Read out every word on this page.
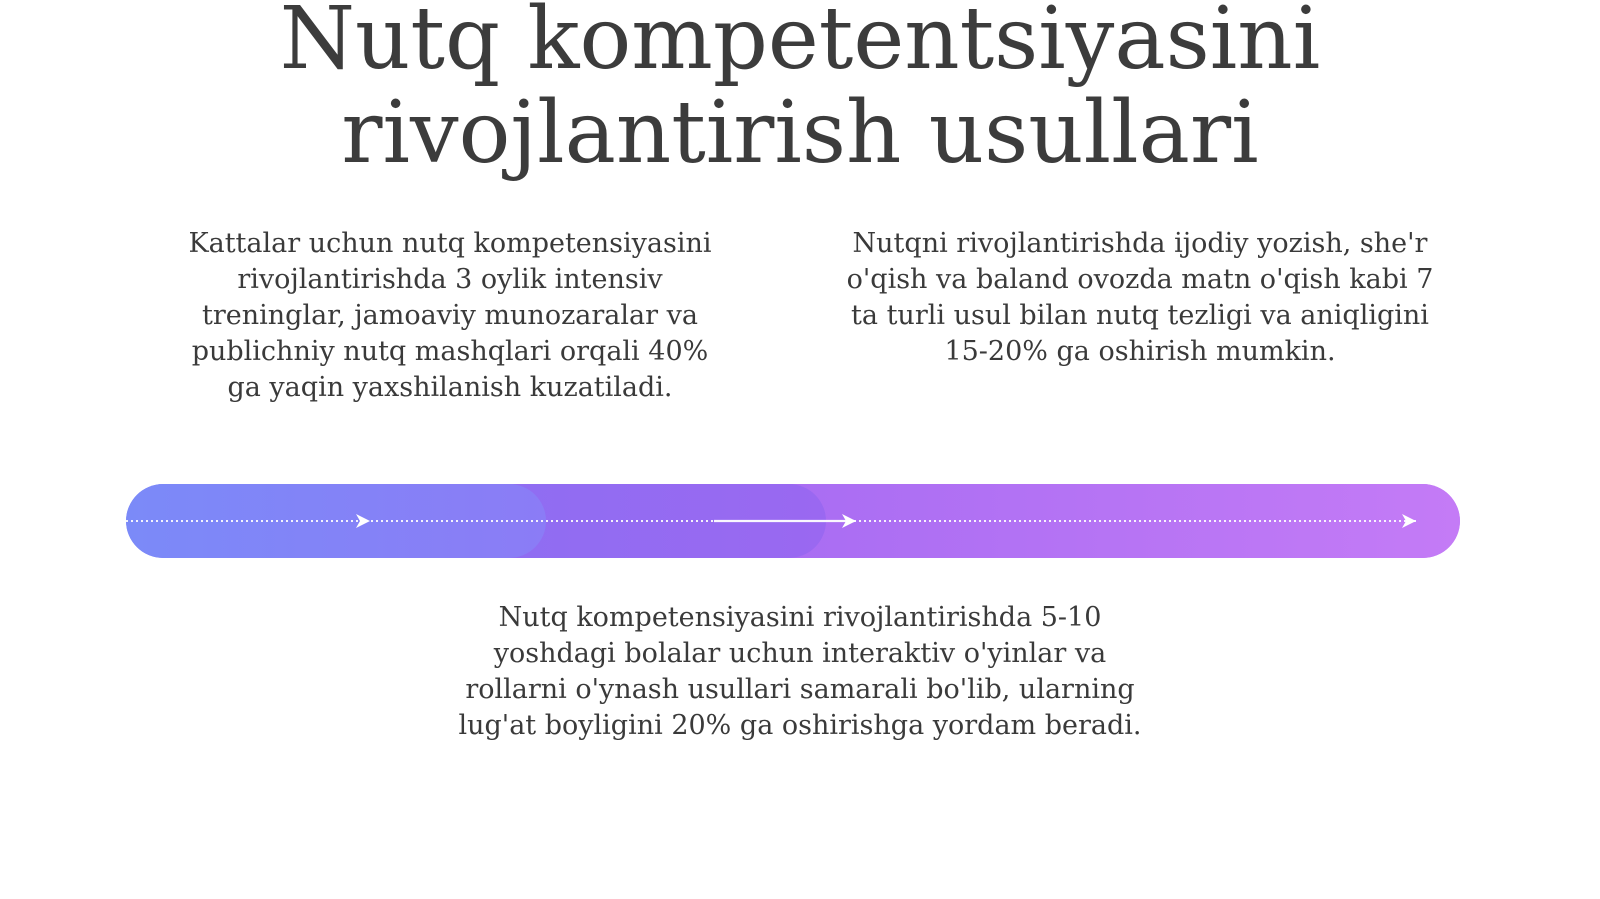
Nutq kompetentsiyasini
rivojlantirish usullari

Kattalar uchun nutq kompetensiyasini
rivojlantirishda 3 oylik intensiv
treninglar, jamoaviy munozaralar va
publichniy nutq mashqlari orqali 40%
ga yaqin yaxshilanish kuzatiladi.

Nutqni rivojlantirishda ijodiy yozish, she'r
o'qish va baland ovozda matn o'qish kabi 7
ta turli usul bilan nutq tezligi va aniqligini
15-20% ga oshirish mumkin.

Nutq kompetensiyasini rivojlantirishda 5-10
yoshdagi bolalar uchun interaktiv o'yinlar va
rollarni o'ynash usullari samarali bo'lib, ularning
lug'at boyligini 20% ga oshirishga yordam beradi.
